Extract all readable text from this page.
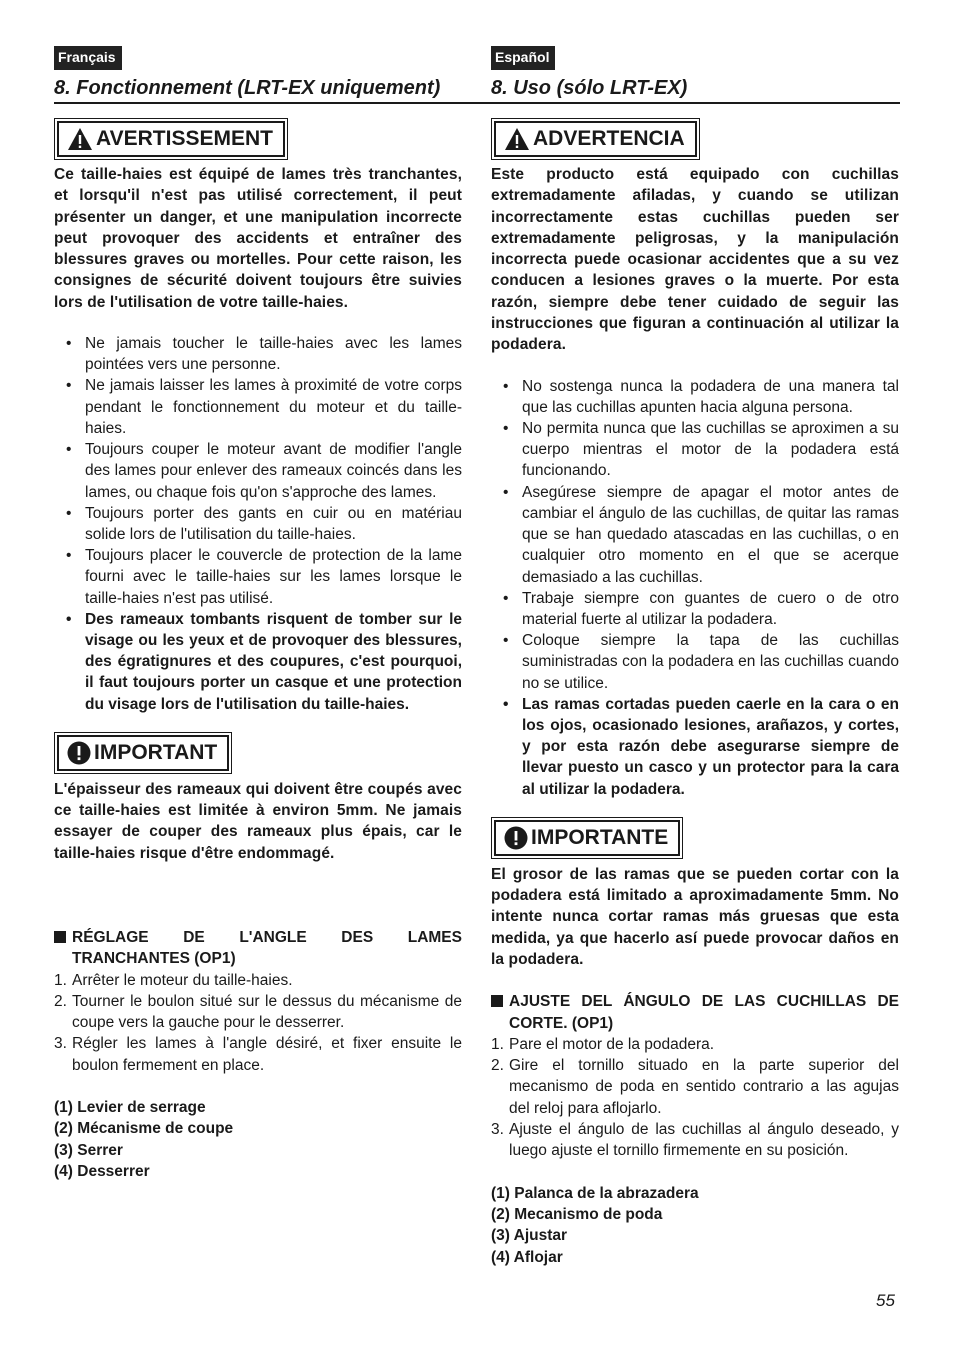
Français
8. Fonctionnement (LRT-EX uniquement)
AVERTISSEMENT

Ce taille-haies est équipé de lames très tranchantes, et lorsqu'il n'est pas utilisé correctement, il peut présenter un danger, et une manipulation incorrecte peut provoquer des accidents et entraîner des blessures graves ou mortelles. Pour cette raison, les consignes de sécurité doivent toujours être suivies lors de l'utilisation de votre taille-haies.

• Ne jamais toucher le taille-haies avec les lames pointées vers une personne.
• Ne jamais laisser les lames à proximité de votre corps pendant le fonctionnement du moteur et du taille-haies.
• Toujours couper le moteur avant de modifier l'angle des lames pour enlever des rameaux coincés dans les lames, ou chaque fois qu'on s'approche des lames.
• Toujours porter des gants en cuir ou en matériau solide lors de l'utilisation du taille-haies.
• Toujours placer le couvercle de protection de la lame fourni avec le taille-haies sur les lames lorsque le taille-haies n'est pas utilisé.
• Des rameaux tombants risquent de tomber sur le visage ou les yeux et de provoquer des blessures, des égratignures et des coupures, c'est pourquoi, il faut toujours porter un casque et une protection du visage lors de l'utilisation du taille-haies.
IMPORTANT

L'épaisseur des rameaux qui doivent être coupés avec ce taille-haies est limitée à environ 5mm. Ne jamais essayer de couper des rameaux plus épais, car le taille-haies risque d'être endommagé.

RÉGLAGE DE L'ANGLE DES LAMES TRANCHANTES (OP1)
1. Arrêter le moteur du taille-haies.
2. Tourner le boulon situé sur le dessus du mécanisme de coupe vers la gauche pour le desserrer.
3. Régler les lames à l'angle désiré, et fixer ensuite le boulon fermement en place.
(1) Levier de serrage
(2) Mécanisme de coupe
(3) Serrer
(4) Desserrer
Español
8. Uso (sólo LRT-EX)
ADVERTENCIA

Este producto está equipado con cuchillas extremadamente afiladas, y cuando se utilizan incorrectamente estas cuchillas pueden ser extremadamente peligrosas, y la manipulación incorrecta puede ocasionar accidentes que a su vez conducen a lesiones graves o la muerte. Por esta razón, siempre debe tener cuidado de seguir las instrucciones que figuran a continuación al utilizar la podadera.

• No sostenga nunca la podadera de una manera tal que las cuchillas apunten hacia alguna persona.
• No permita nunca que las cuchillas se aproximen a su cuerpo mientras el motor de la podadera está funcionando.
• Asegúrese siempre de apagar el motor antes de cambiar el ángulo de las cuchillas, de quitar las ramas que se han quedado atascadas en las cuchillas, o en cualquier otro momento en el que se acerque demasiado a las cuchillas.
• Trabaje siempre con guantes de cuero o de otro material fuerte al utilizar la podadera.
• Coloque siempre la tapa de las cuchillas suministradas con la podadera en las cuchillas cuando no se utilice.
• Las ramas cortadas pueden caerle en la cara o en los ojos, ocasionado lesiones, arañazos, y cortes, y por esta razón debe asegurarse siempre de llevar puesto un casco y un protector para la cara al utilizar la podadera.
IMPORTANTE

El grosor de las ramas que se pueden cortar con la podadera está limitado a aproximadamente 5mm. No intente nunca cortar ramas más gruesas que esta medida, ya que hacerlo así puede provocar daños en la podadera.

AJUSTE DEL ÁNGULO DE LAS CUCHILLAS DE CORTE. (OP1)
1. Pare el motor de la podadera.
2. Gire el tornillo situado en la parte superior del mecanismo de poda en sentido contrario a las agujas del reloj para aflojarlo.
3. Ajuste el ángulo de las cuchillas al ángulo deseado, y luego ajuste el tornillo firmemente en su posición.
(1) Palanca de la abrazadera
(2) Mecanismo de poda
(3) Ajustar
(4) Aflojar
55
